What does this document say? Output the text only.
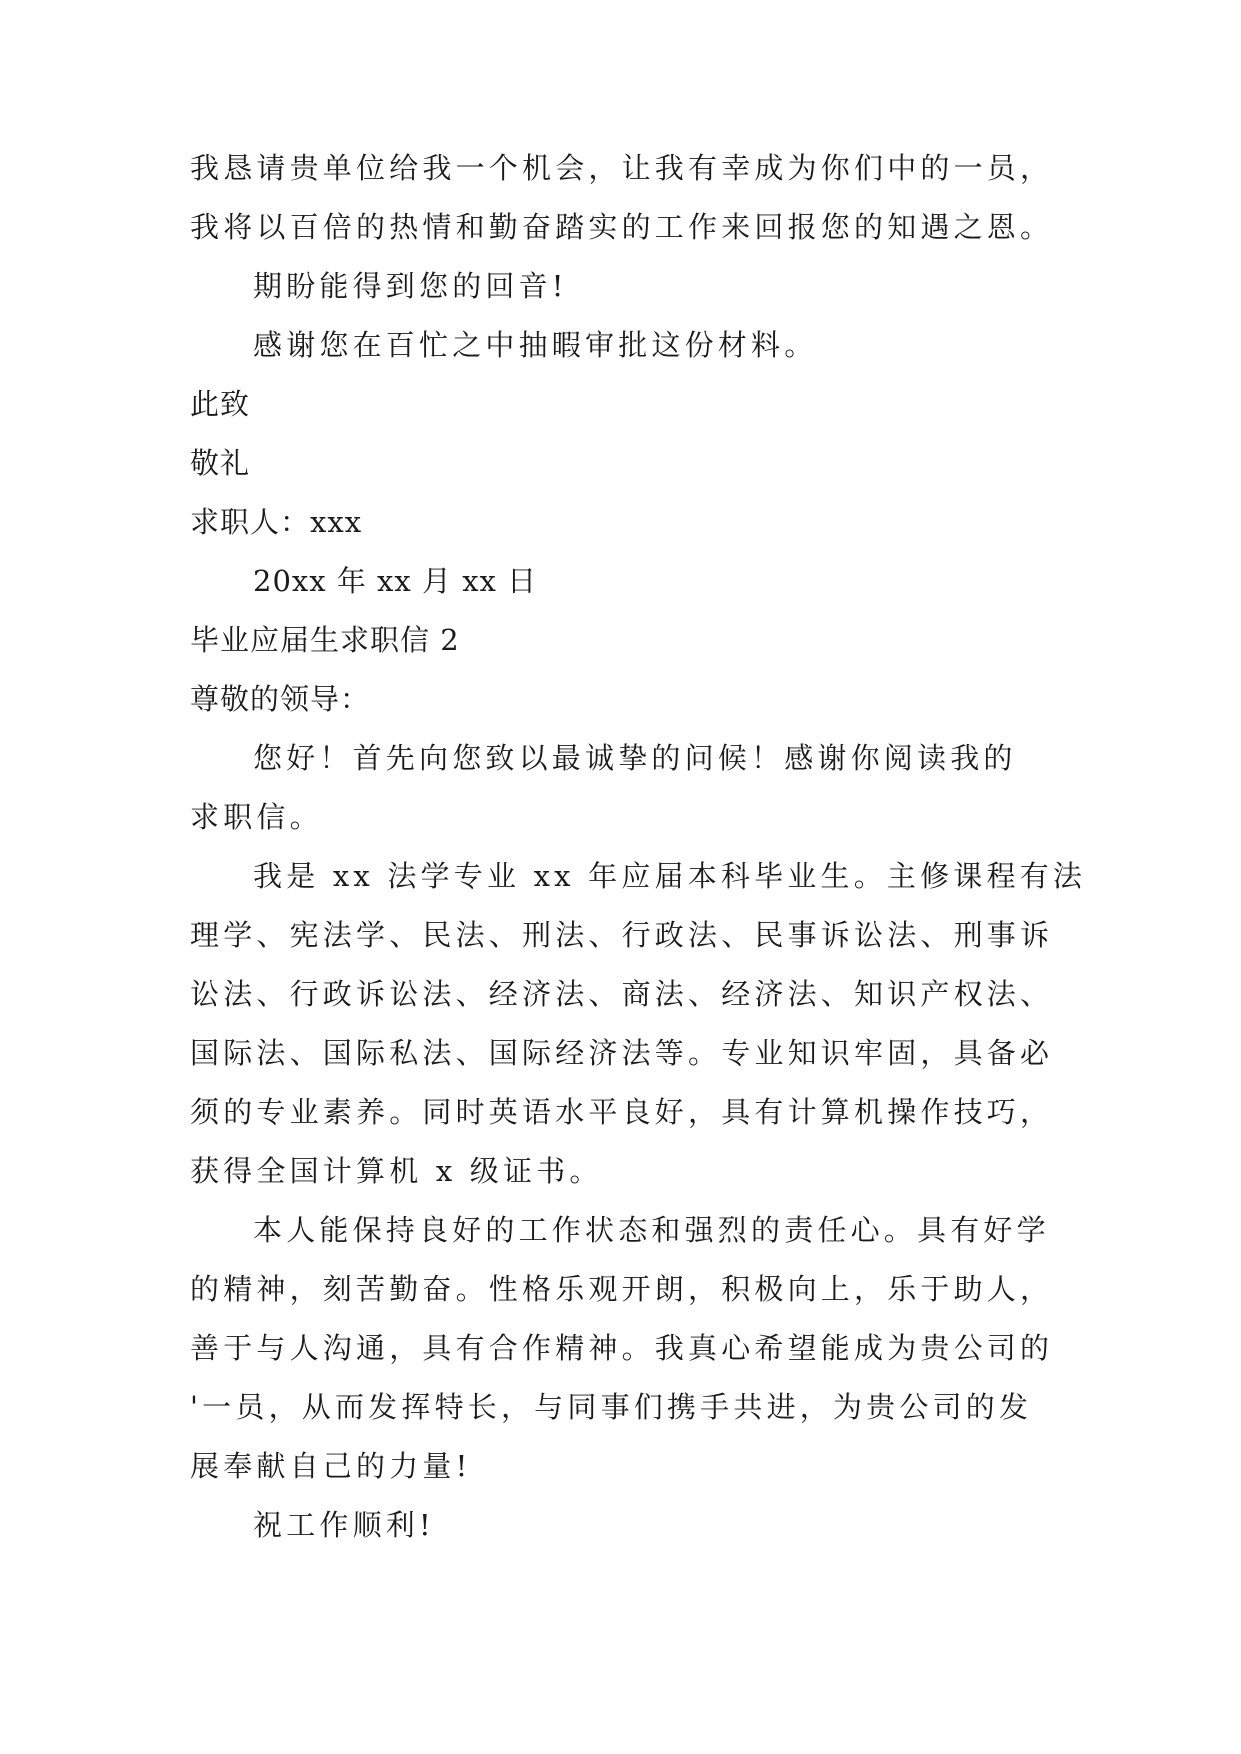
我恳请贵单位给我一个机会，让我有幸成为你们中的一员，
我将以百倍的热情和勤奋踏实的工作来回报您的知遇之恩。
期盼能得到您的回音!
感谢您在百忙之中抽暇审批这份材料。
此致
敬礼
求职人：xxx
20xx 年 xx 月 xx 日
毕业应届生求职信 2
尊敬的领导：
您好！首先向您致以最诚挚的问候！感谢你阅读我的
求职信。
我是 xx 法学专业 xx 年应届本科毕业生。主修课程有法
理学、宪法学、民法、刑法、行政法、民事诉讼法、刑事诉
讼法、行政诉讼法、经济法、商法、经济法、知识产权法、
国际法、国际私法、国际经济法等。专业知识牢固，具备必
须的专业素养。同时英语水平良好，具有计算机操作技巧，
获得全国计算机 x 级证书。
本人能保持良好的工作状态和强烈的责任心。具有好学
的精神，刻苦勤奋。性格乐观开朗，积极向上，乐于助人，
善于与人沟通，具有合作精神。我真心希望能成为贵公司的
'一员，从而发挥特长，与同事们携手共进，为贵公司的发
展奉献自己的力量!
祝工作顺利!
